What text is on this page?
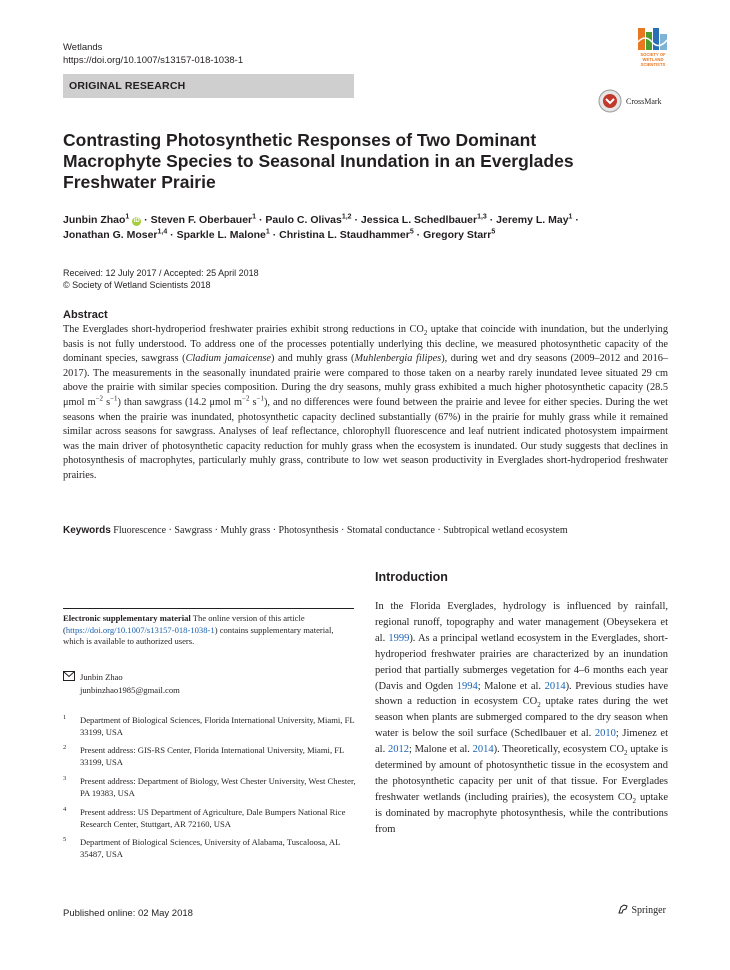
Wetlands
https://doi.org/10.1007/s13157-018-1038-1
ORIGINAL RESEARCH
SOCIETY OF
WETLAND
SCIENTISTS
CrossMark
Contrasting Photosynthetic Responses of Two Dominant Macrophyte Species to Seasonal Inundation in an Everglades Freshwater Prairie
Junbin Zhao$^1$ iD · Steven F. Oberbauer$^1$ · Paulo C. Olivas$^{1,2}$ · Jessica L. Schedlbauer$^{1,3}$ · Jeremy L. May$^1$ ·
Jonathan G. Moser$^{1,4}$ · Sparkle L. Malone$^1$ · Christina L. Staudhammer$^5$ · Gregory Starr$^5$
Received: 12 July 2017 / Accepted: 25 April 2018
© Society of Wetland Scientists 2018
Abstract
The Everglades short-hydroperiod freshwater prairies exhibit strong reductions in $CO_2$ uptake that coincide with inundation, but the underlying basis is not fully understood. To address one of the processes potentially underlying this decline, we measured photosynthetic capacity of the dominant species, sawgrass (Cladium jamaicense) and muhly grass (Muhlenbergia filipes), during wet and dry seasons (2009–2012 and 2016–2017). The measurements in the seasonally inundated prairie were compared to those taken on a nearby rarely inundated levee situated 29 cm above the prairie with similar species composition. During the dry seasons, muhly grass exhibited a much higher photosynthetic capacity (28.5 μmol $m^{-2}$ $s^{-1}$) than sawgrass (14.2 μmol $m^{-2}$ $s^{-1}$), and no differences were found between the prairie and levee for either species. During the wet seasons when the prairie was inundated, photosynthetic capacity declined substantially (67%) in the prairie for muhly grass while it remained similar across seasons for sawgrass. Analyses of leaf reflectance, chlorophyll fluorescence and leaf nutrient indicated photosystem impairment was the main driver of photosynthetic capacity reduction for muhly grass when the ecosystem is inundated. Our study suggests that declines in photosynthesis of macrophytes, particularly muhly grass, contribute to low wet season productivity in Everglades short-hydroperiod freshwater prairies.
Keywords Fluorescence · Sawgrass · Muhly grass · Photosynthesis · Stomatal conductance · Subtropical wetland ecosystem
Introduction
In the Florida Everglades, hydrology is influenced by rainfall, regional runoff, topography and water management (Obeysekera et al. 1999). As a principal wetland ecosystem in the Everglades, short-hydroperiod freshwater prairies are characterized by an inundation period that partially submerges vegetation for 4–6 months each year (Davis and Ogden 1994; Malone et al. 2014). Previous studies have shown a reduction in ecosystem $CO_2$ uptake rates during the wet season when plants are submerged compared to the dry season when water is below the soil surface (Schedlbauer et al. 2010; Jimenez et al. 2012; Malone et al. 2014). Theoretically, ecosystem $CO_2$ uptake is determined by amount of photosynthetic tissue in the ecosystem and the photosynthetic capacity per unit of that tissue. For Everglades freshwater wetlands (including prairies), the ecosystem $CO_2$ uptake is dominated by macrophyte photosynthesis, while the contributions from
Electronic supplementary material The online version of this article (https://doi.org/10.1007/s13157-018-1038-1) contains supplementary material, which is available to authorized users.
Junbin Zhao
junbinzhao1985@gmail.com
1	Department of Biological Sciences, Florida International University, Miami, FL 33199, USA
2	Present address: GIS-RS Center, Florida International University, Miami, FL 33199, USA
3	Present address: Department of Biology, West Chester University, West Chester, PA 19383, USA
4	Present address: US Department of Agriculture, Dale Bumpers National Rice Research Center, Stuttgart, AR 72160, USA
5	Department of Biological Sciences, University of Alabama, Tuscaloosa, AL 35487, USA
Published online: 02 May 2018	Springer
